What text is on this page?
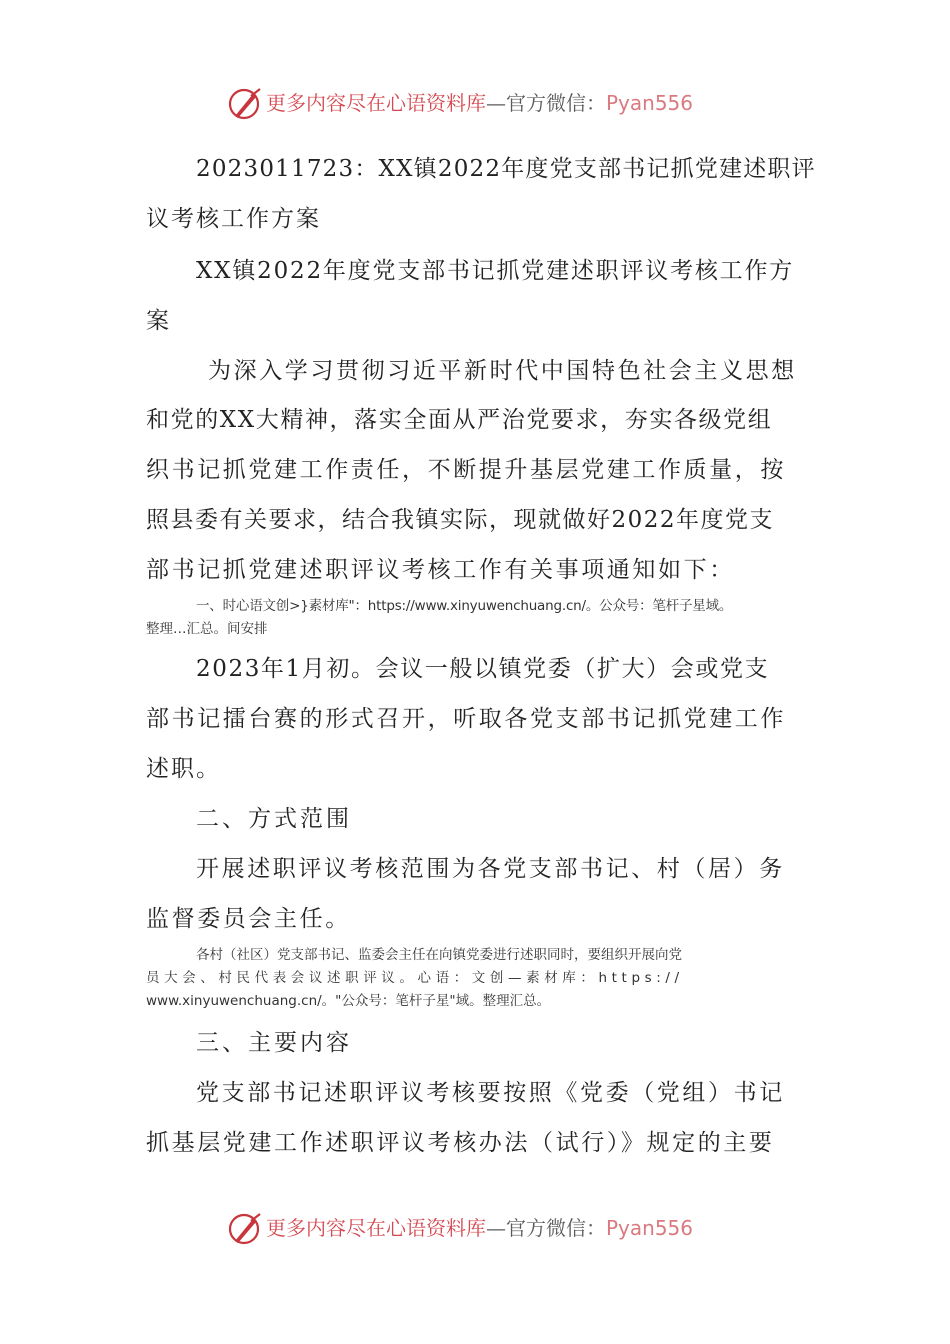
更多内容尽在心语资料库—官方微信：Pyan556
2023011723：XX镇2022年度党支部书记抓党建述职评
议考核工作方案
XX镇2022年度党支部书记抓党建述职评议考核工作方
案
为深入学习贯彻习近平新时代中国特色社会主义思想
和党的XX大精神，落实全面从严治党要求，夯实各级党组
织书记抓党建工作责任，不断提升基层党建工作质量，按
照县委有关要求，结合我镇实际，现就做好2022年度党支
部书记抓党建述职评议考核工作有关事项通知如下：
一、时心语文创>}素材库"：https://www.xinyuwenchuang.cn/。公众号：笔杆子星域。
整理…汇总。间安排
2023年1月初。会议一般以镇党委（扩大）会或党支
部书记擂台赛的形式召开，听取各党支部书记抓党建工作
述职。
二、方式范围
开展述职评议考核范围为各党支部书记、村（居）务
监督委员会主任。
各村（社区）党支部书记、监委会主任在向镇党委进行述职同时，要组织开展向党
员大会、村民代表会议述职评议。心语：文创—素材库：https://
www.xinyuwenchuang.cn/。"公众号：笔杆子星"域。整理汇总。
三、主要内容
党支部书记述职评议考核要按照《党委（党组）书记
抓基层党建工作述职评议考核办法（试行）》规定的主要
更多内容尽在心语资料库—官方微信：Pyan556
